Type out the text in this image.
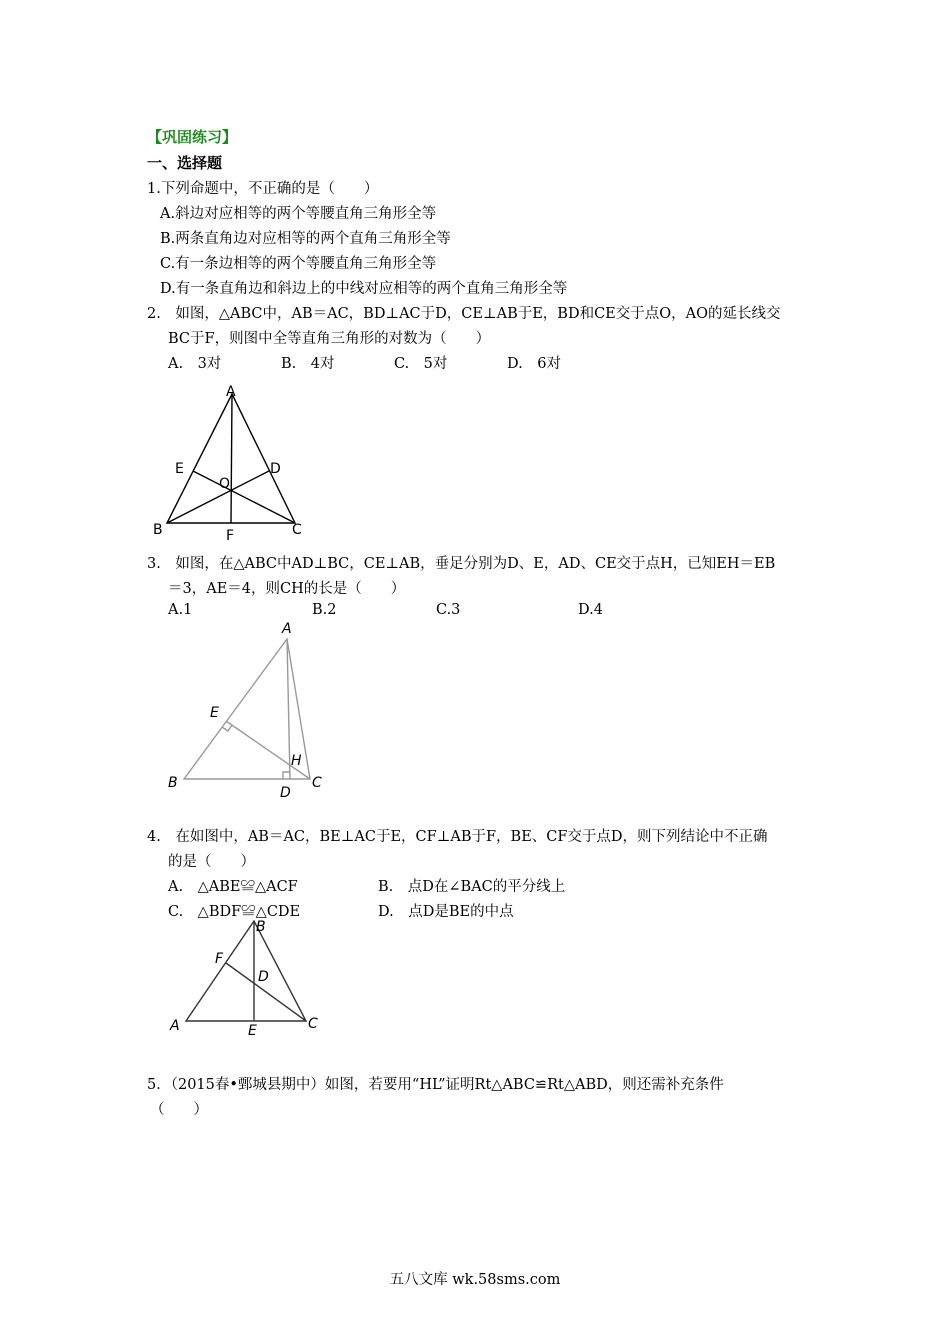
【巩固练习】
一、选择题
1.下列命题中，不正确的是（　　）
A.斜边对应相等的两个等腰直角三角形全等
B.两条直角边对应相等的两个直角三角形全等
C.有一条边相等的两个等腰直角三角形全等
D.有一条直角边和斜边上的中线对应相等的两个直角三角形全等
2.　如图，△ABC中，AB＝AC，BD⊥AC于D，CE⊥AB于E，BD和CE交于点O，AO的延长线交
BC于F，则图中全等直角三角形的对数为（　　）
A.　3对	B.　4对	C.　5对	D.　6对
A
B	C
D
E
F
O
3.　如图，在△ABC中AD⊥BC，CE⊥AB，垂足分别为D、E，AD、CE交于点H，已知EH＝EB
＝3，AE＝4，则CH的长是（　　）
A.1	B.2	C.3	D.4
A
B	C
D
E
H
4.　在如图中，AB＝AC，BE⊥AC于E，CF⊥AB于F，BE、CF交于点D，则下列结论中不正确
的是（　　）
A.　△ABE≌△ACF	B.　点D在∠BAC的平分线上
C.　△BDF≌△CDE	D.　点D是BE的中点
B
F
D
A	E	C
5．（2015春•鄄城县期中）如图，若要用“HL”证明Rt△ABC≌Rt△ABD，则还需补充条件
（　　）
五八文库 wk.58sms.com
